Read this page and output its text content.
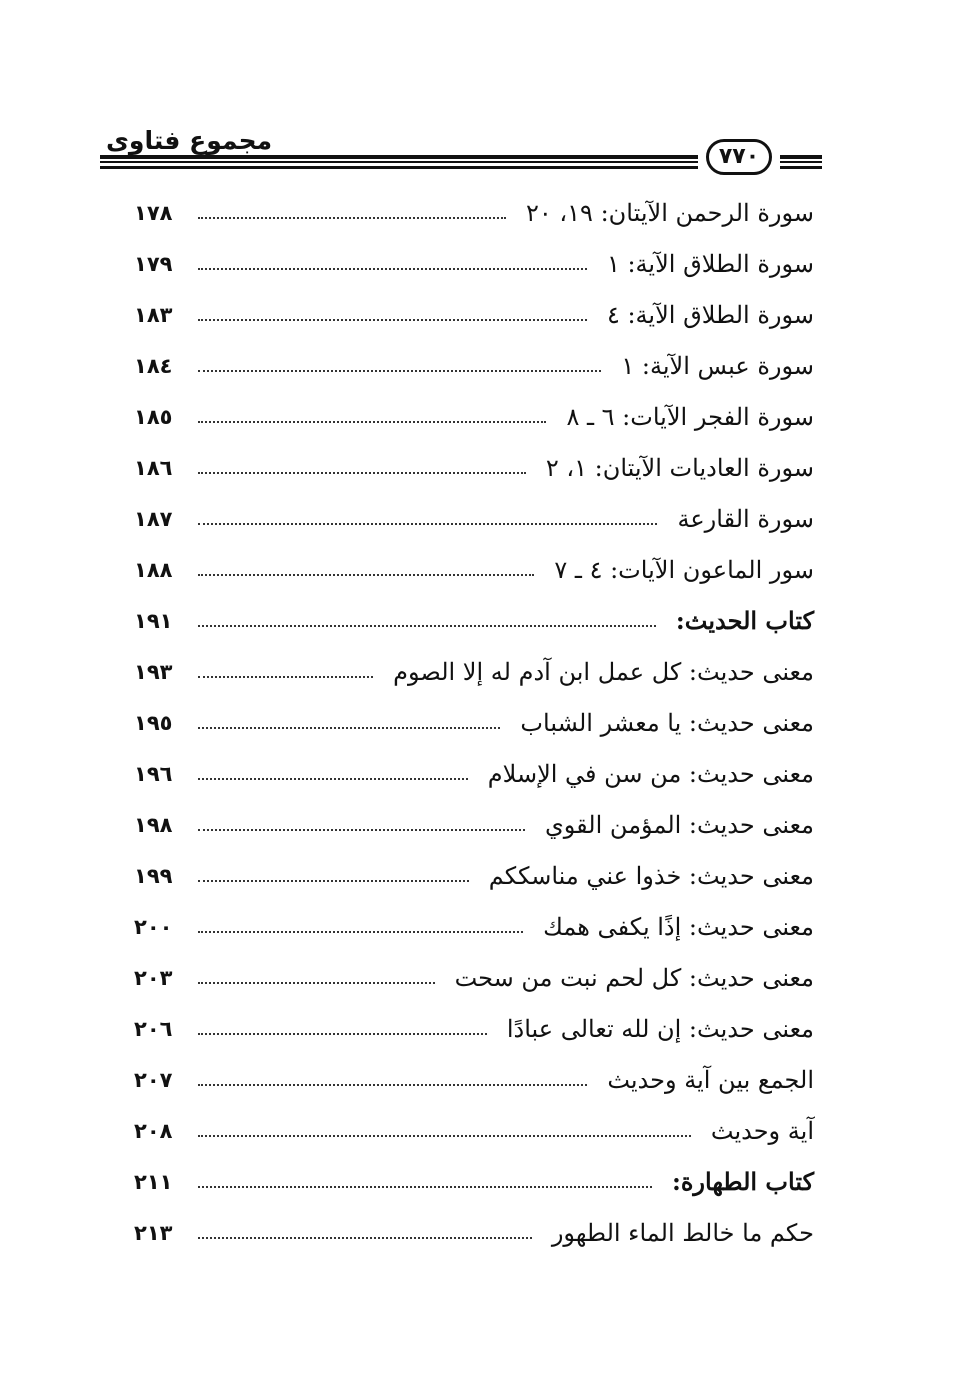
مجموع فتاوى
٧٧٠
سورة الرحمن الآيتان: ١٩، ٢٠
١٧٨
سورة الطلاق الآية: ١
١٧٩
سورة الطلاق الآية: ٤
١٨٣
سورة عبس الآية: ١
١٨٤
سورة الفجر الآيات: ٦ ـ ٨
١٨٥
سورة العاديات الآيتان: ١، ٢
١٨٦
سورة القارعة
١٨٧
سور الماعون الآيات: ٤ ـ ٧
١٨٨
كتاب الحديث:
١٩١
معنى حديث: كل عمل ابن آدم له إلا الصوم
١٩٣
معنى حديث: يا معشر الشباب
١٩٥
معنى حديث: من سن في الإسلام
١٩٦
معنى حديث: المؤمن القوي
١٩٨
معنى حديث: خذوا عني مناسككم
١٩٩
معنى حديث: إذًا يكفى همك
٢٠٠
معنى حديث: كل لحم نبت من سحت
٢٠٣
معنى حديث: إن لله تعالى عبادًا
٢٠٦
الجمع بين آية وحديث
٢٠٧
آية وحديث
٢٠٨
كتاب الطهارة:
٢١١
حكم ما خالط الماء الطهور
٢١٣
